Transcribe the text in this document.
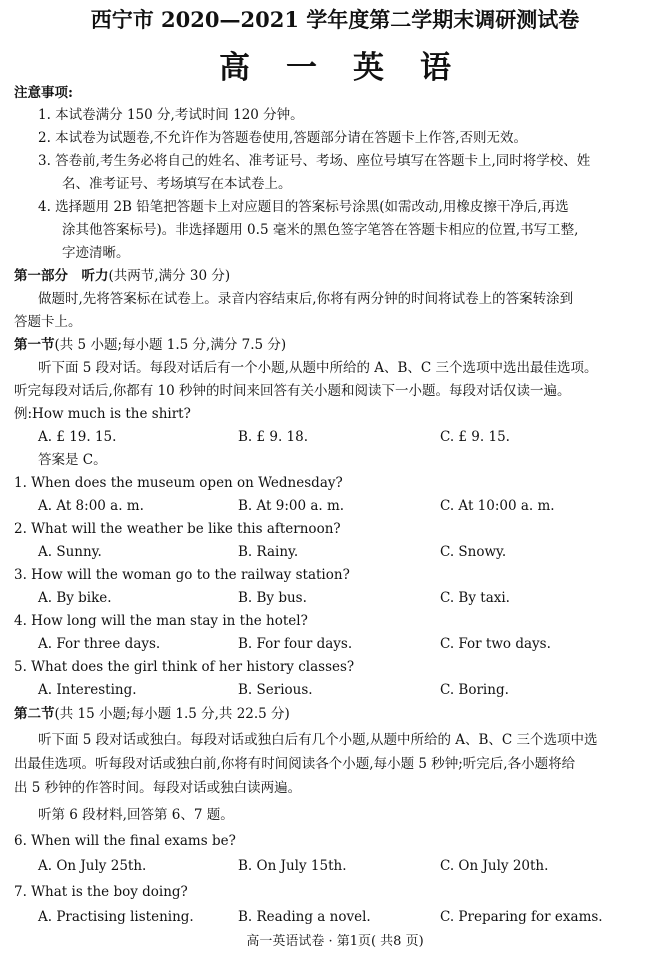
西宁市 2020—2021 学年度第二学期末调研测试卷
高 一 英 语
注意事项:
1. 本试卷满分 150 分,考试时间 120 分钟。
2. 本试卷为试题卷,不允许作为答题卷使用,答题部分请在答题卡上作答,否则无效。
3. 答卷前,考生务必将自己的姓名、准考证号、考场、座位号填写在答题卡上,同时将学校、姓
名、准考证号、考场填写在本试卷上。
4. 选择题用 2B 铅笔把答题卡上对应题目的答案标号涂黑(如需改动,用橡皮擦干净后,再选
涂其他答案标号)。非选择题用 0.5 毫米的黑色签字笔答在答题卡相应的位置,书写工整,
字迹清晰。
第一部分　听力(共两节,满分 30 分)
做题时,先将答案标在试卷上。录音内容结束后,你将有两分钟的时间将试卷上的答案转涂到
答题卡上。
第一节(共 5 小题;每小题 1.5 分,满分 7.5 分)
听下面 5 段对话。每段对话后有一个小题,从题中所给的 A、B、C 三个选项中选出最佳选项。
听完每段对话后,你都有 10 秒钟的时间来回答有关小题和阅读下一小题。每段对话仅读一遍。
例:How much is the shirt?
A. £ 19. 15.	B. £ 9. 18.	C. £ 9. 15.
答案是 C。
1. When does the museum open on Wednesday?
A. At 8:00 a. m.	B. At 9:00 a. m.	C. At 10:00 a. m.
2. What will the weather be like this afternoon?
A. Sunny.	B. Rainy.	C. Snowy.
3. How will the woman go to the railway station?
A. By bike.	B. By bus.	C. By taxi.
4. How long will the man stay in the hotel?
A. For three days.	B. For four days.	C. For two days.
5. What does the girl think of her history classes?
A. Interesting.	B. Serious.	C. Boring.
第二节(共 15 小题;每小题 1.5 分,共 22.5 分)
听下面 5 段对话或独白。每段对话或独白后有几个小题,从题中所给的 A、B、C 三个选项中选
出最佳选项。听每段对话或独白前,你将有时间阅读各个小题,每小题 5 秒钟;听完后,各小题将给
出 5 秒钟的作答时间。每段对话或独白读两遍。
听第 6 段材料,回答第 6、7 题。
6. When will the final exams be?
A. On July 25th.	B. On July 15th.	C. On July 20th.
7. What is the boy doing?
A. Practising listening.	B. Reading a novel.	C. Preparing for exams.
高一英语试卷 · 第1页( 共8 页)
